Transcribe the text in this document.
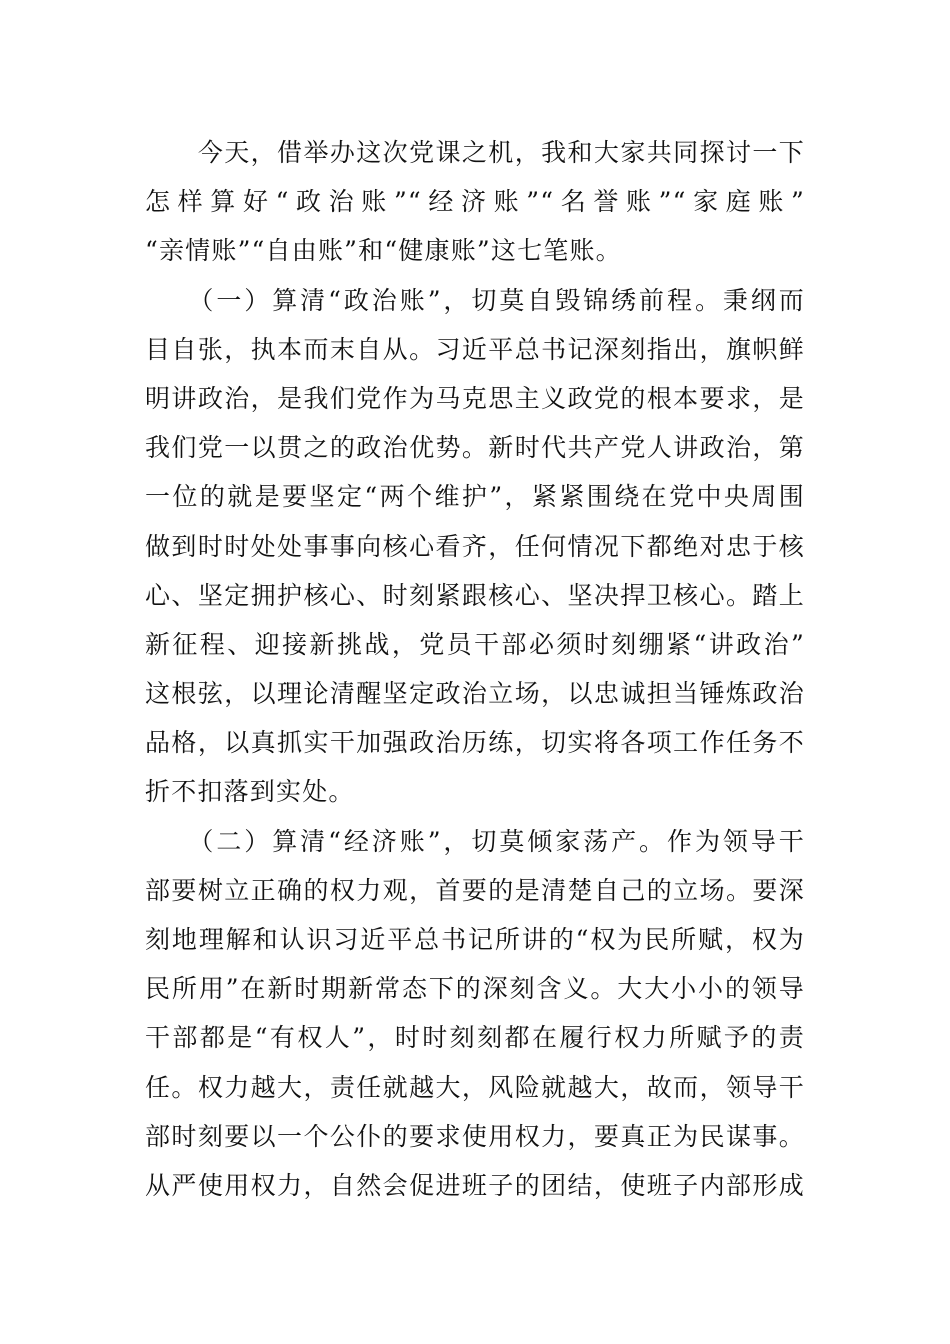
　　今天，借举办这次党课之机，我和大家共同探讨一下
怎样算好“政治账”“经济账”“名誉账”“家庭账”
“亲情账”“自由账”和“健康账”这七笔账。
　　（一）算清“政治账”，切莫自毁锦绣前程。秉纲而
目自张，执本而末自从。习近平总书记深刻指出，旗帜鲜
明讲政治，是我们党作为马克思主义政党的根本要求，是
我们党一以贯之的政治优势。新时代共产党人讲政治，第
一位的就是要坚定“两个维护”，紧紧围绕在党中央周围
做到时时处处事事向核心看齐，任何情况下都绝对忠于核
心、坚定拥护核心、时刻紧跟核心、坚决捍卫核心。踏上
新征程、迎接新挑战，党员干部必须时刻绷紧“讲政治”
这根弦，以理论清醒坚定政治立场，以忠诚担当锤炼政治
品格，以真抓实干加强政治历练，切实将各项工作任务不
折不扣落到实处。
　　（二）算清“经济账”，切莫倾家荡产。作为领导干
部要树立正确的权力观，首要的是清楚自己的立场。要深
刻地理解和认识习近平总书记所讲的“权为民所赋，权为
民所用”在新时期新常态下的深刻含义。大大小小的领导
干部都是“有权人”，时时刻刻都在履行权力所赋予的责
任。权力越大，责任就越大，风险就越大，故而，领导干
部时刻要以一个公仆的要求使用权力，要真正为民谋事。
从严使用权力，自然会促进班子的团结，使班子内部形成
